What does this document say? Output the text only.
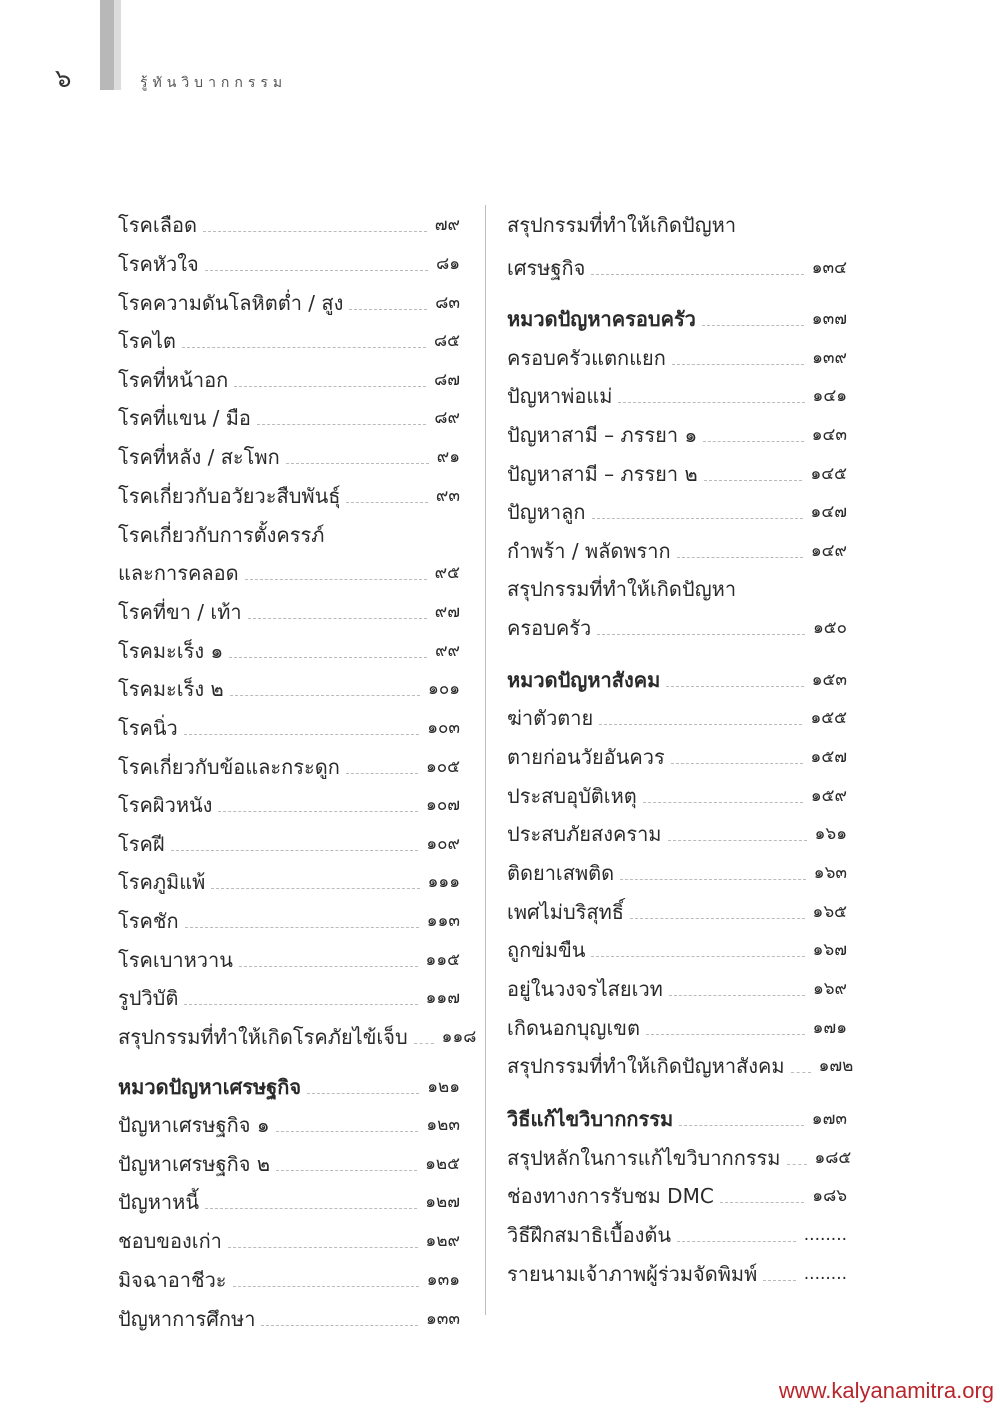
๖	รู้ทันวิบากกรรม
โรคเลือด	๗๙
โรคหัวใจ	๘๑
โรคความดันโลหิตต่ำ / สูง	๘๓
โรคไต	๘๕
โรคที่หน้าอก	๘๗
โรคที่แขน / มือ	๘๙
โรคที่หลัง / สะโพก	๙๑
โรคเกี่ยวกับอวัยวะสืบพันธุ์	๙๓
โรคเกี่ยวกับการตั้งครรภ์
และการคลอด	๙๕
โรคที่ขา / เท้า	๙๗
โรคมะเร็ง ๑	๙๙
โรคมะเร็ง ๒	๑๐๑
โรคนิ่ว	๑๐๓
โรคเกี่ยวกับข้อและกระดูก	๑๐๕
โรคผิวหนัง	๑๐๗
โรคฝี	๑๐๙
โรคภูมิแพ้	๑๑๑
โรคชัก	๑๑๓
โรคเบาหวาน	๑๑๕
รูปวิบัติ	๑๑๗
สรุปกรรมที่ทำให้เกิดโรคภัยไข้เจ็บ ๑๑๘
หมวดปัญหาเศรษฐกิจ	๑๒๑
ปัญหาเศรษฐกิจ ๑	๑๒๓
ปัญหาเศรษฐกิจ ๒	๑๒๕
ปัญหาหนี้	๑๒๗
ชอบของเก่า	๑๒๙
มิจฉาอาชีวะ	๑๓๑
ปัญหาการศึกษา	๑๓๓
สรุปกรรมที่ทำให้เกิดปัญหา
เศรษฐกิจ	๑๓๔
หมวดปัญหาครอบครัว	๑๓๗
ครอบครัวแตกแยก	๑๓๙
ปัญหาพ่อแม่	๑๔๑
ปัญหาสามี – ภรรยา ๑	๑๔๓
ปัญหาสามี – ภรรยา ๒	๑๔๕
ปัญหาลูก	๑๔๗
กำพร้า / พลัดพราก	๑๔๙
สรุปกรรมที่ทำให้เกิดปัญหา
ครอบครัว	๑๕๐
หมวดปัญหาสังคม	๑๕๓
ฆ่าตัวตาย	๑๕๕
ตายก่อนวัยอันควร	๑๕๗
ประสบอุบัติเหตุ	๑๕๙
ประสบภัยสงคราม	๑๖๑
ติดยาเสพติด	๑๖๓
เพศไม่บริสุทธิ์	๑๖๕
ถูกข่มขืน	๑๖๗
อยู่ในวงจรไสยเวท	๑๖๙
เกิดนอกบุญเขต	๑๗๑
สรุปกรรมที่ทำให้เกิดปัญหาสังคม ๑๗๒
วิธีแก้ไขวิบากกรรม	๑๗๓
สรุปหลักในการแก้ไขวิบากกรรม ๑๘๕
ช่องทางการรับชม DMC	๑๘๖
วิธีฝึกสมาธิเบื้องต้น	........
รายนามเจ้าภาพผู้ร่วมจัดพิมพ์	........
www.kalyanamitra.org
